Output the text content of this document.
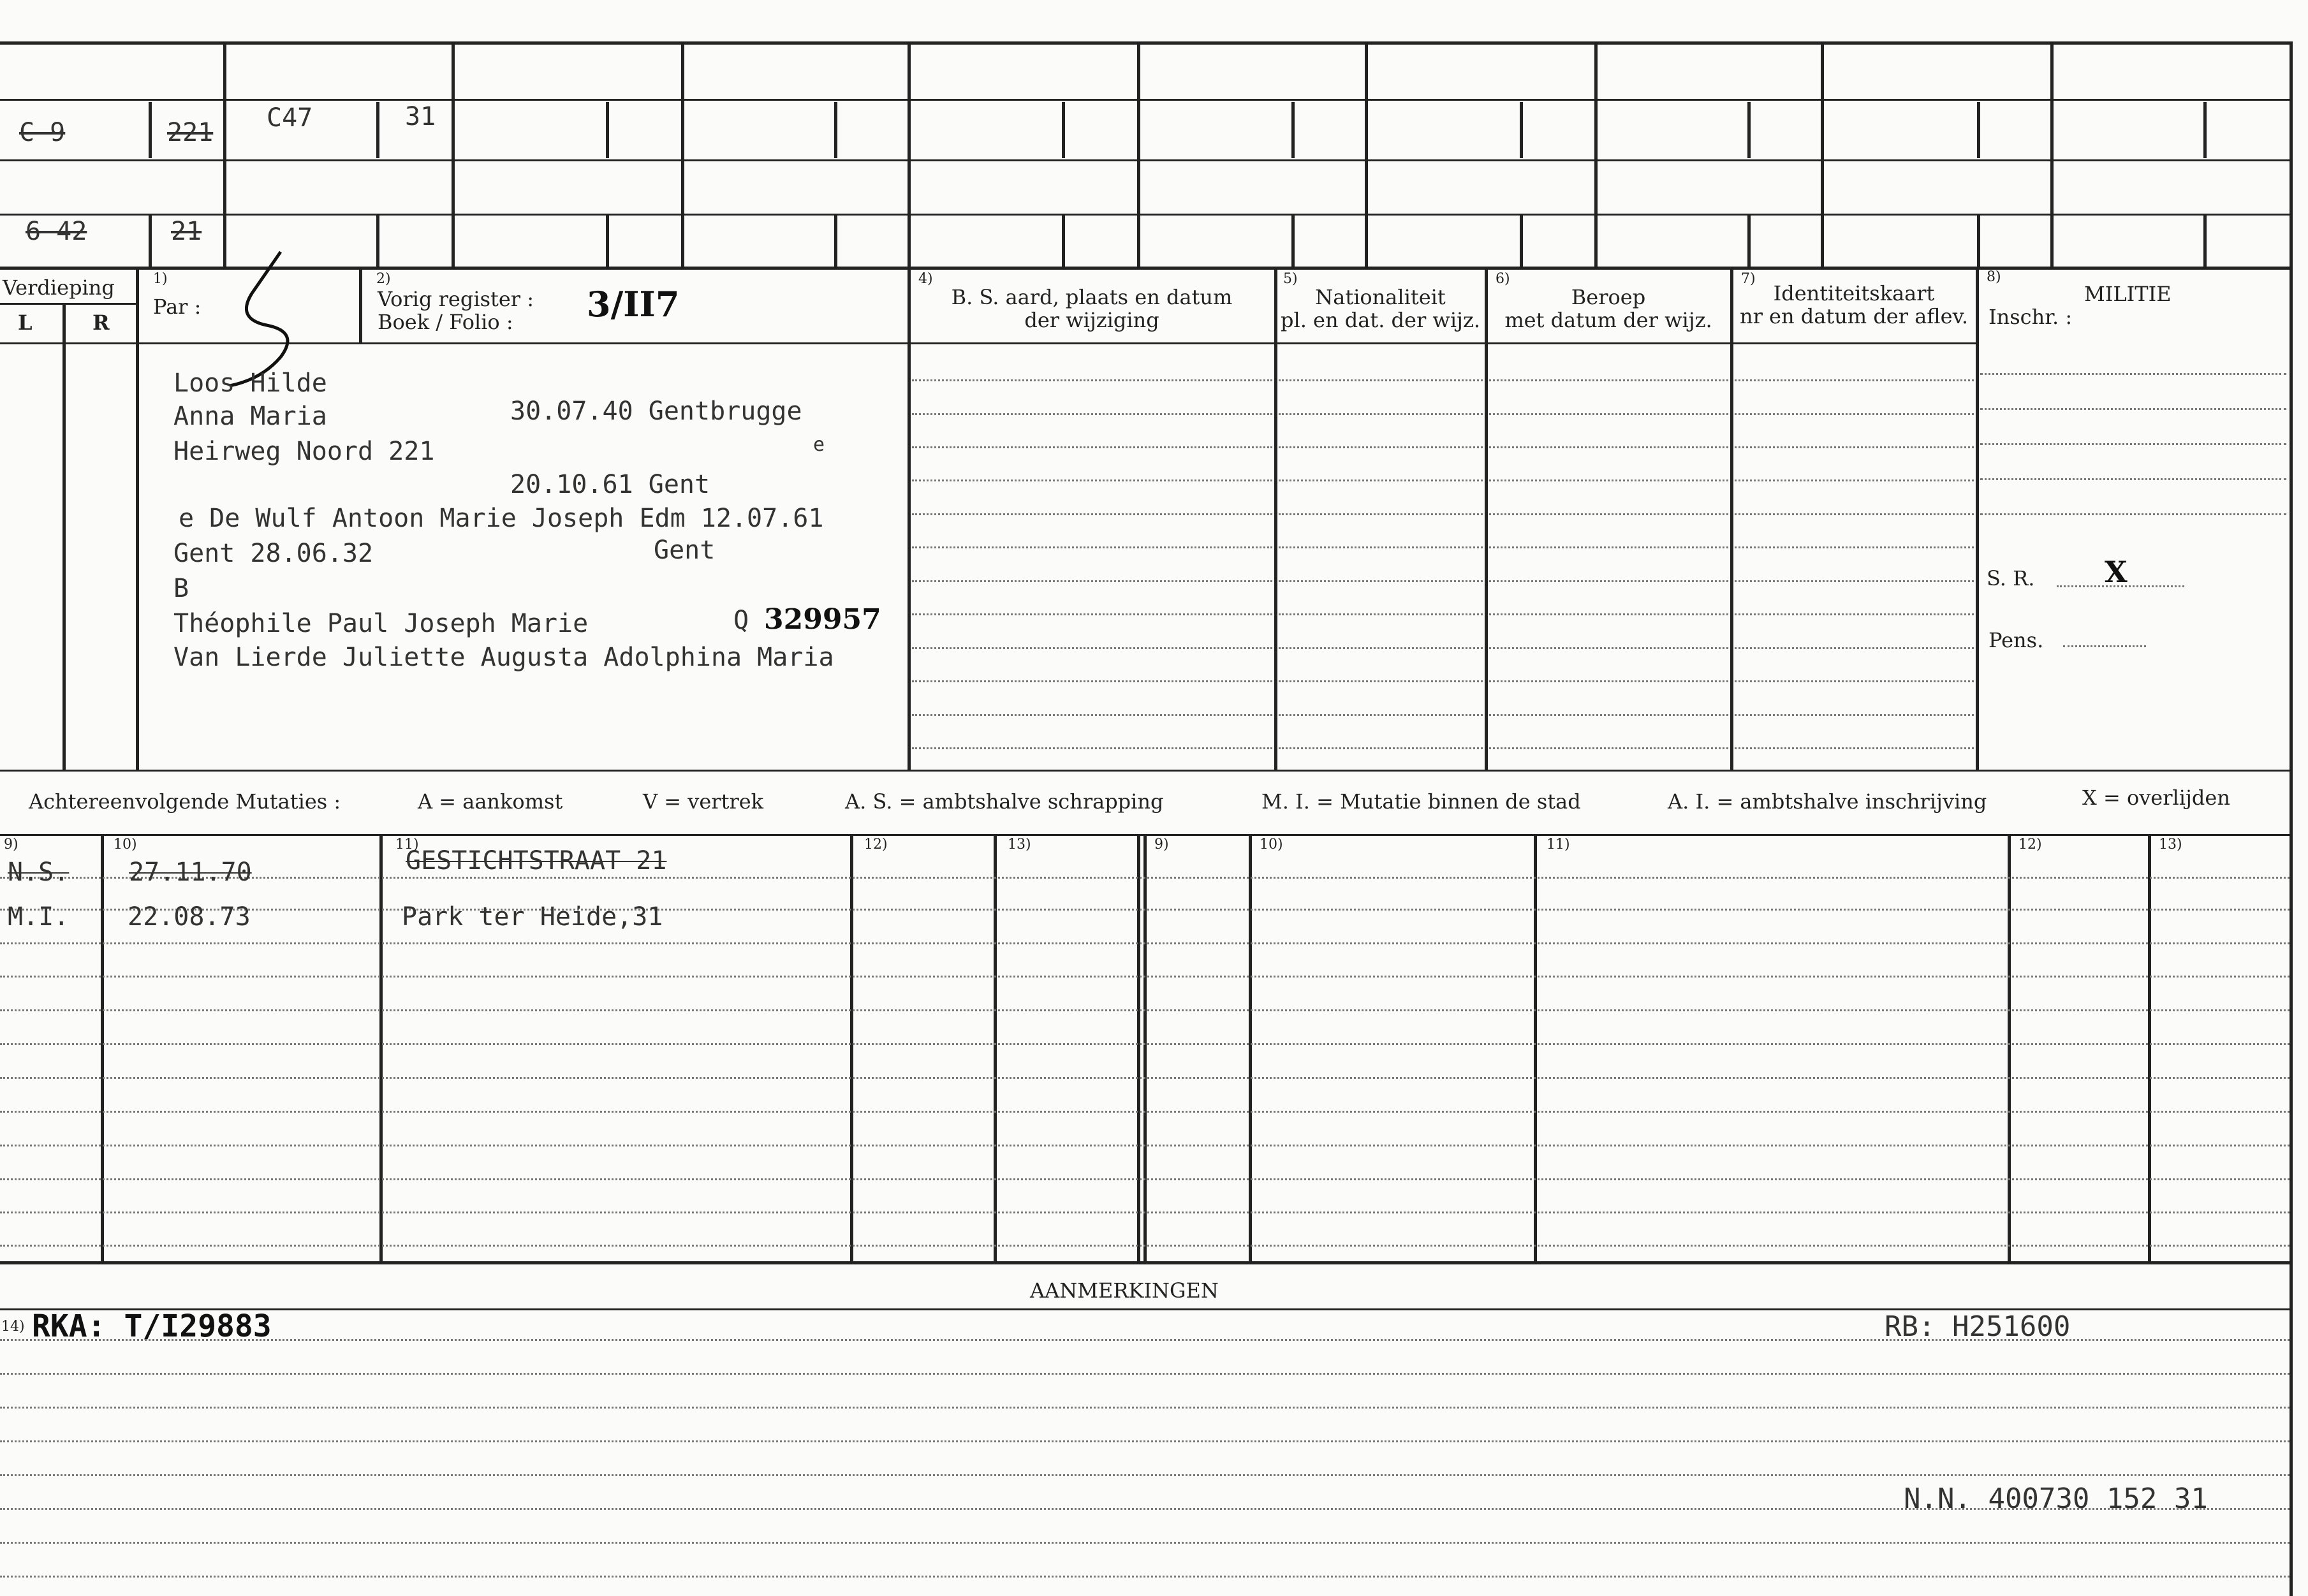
C 9	221 C47	31
6 42	21
Verdieping
L	R
1)
Par :
2)
Vorig register :
Boek / Folio : 3/II7
4)
B. S. aard, plaats en datum
der wijziging
5)
Nationaliteit
pl. en dat. der wijz.
6)
Beroep
met datum der wijz.
7)
Identiteitskaart
nr en datum der aflev.
8)
MILITIE
Inschr. :
S. R. X
Pens.
Loos Hilde
Anna Maria	30.07.40 Gentbrugge
Heirweg Noord 221	e
20.10.61 Gent
e De Wulf Antoon Marie Joseph Edm 12.07.61
Gent 28.06.32	Gent
B
Théophile Paul Joseph Marie	Q 329957
Van Lierde Juliette Augusta Adolphina Maria
Achtereenvolgende Mutaties :	A = aankomst	V = vertrek	A. S. = ambtshalve schrapping	M. I. = Mutatie binnen de stad	A. I. = ambtshalve inschrijving	X = overlijden
9)	10)	11)	12)	13)	9)	10)	11)	12)	13)
N.S. 27.11.70	GESTICHTSTRAAT 21
M.I. 22.08.73	Park ter Heide,31
AANMERKINGEN
14) RKA: T/I29883	RB: H251600
N.N. 400730 152 31
